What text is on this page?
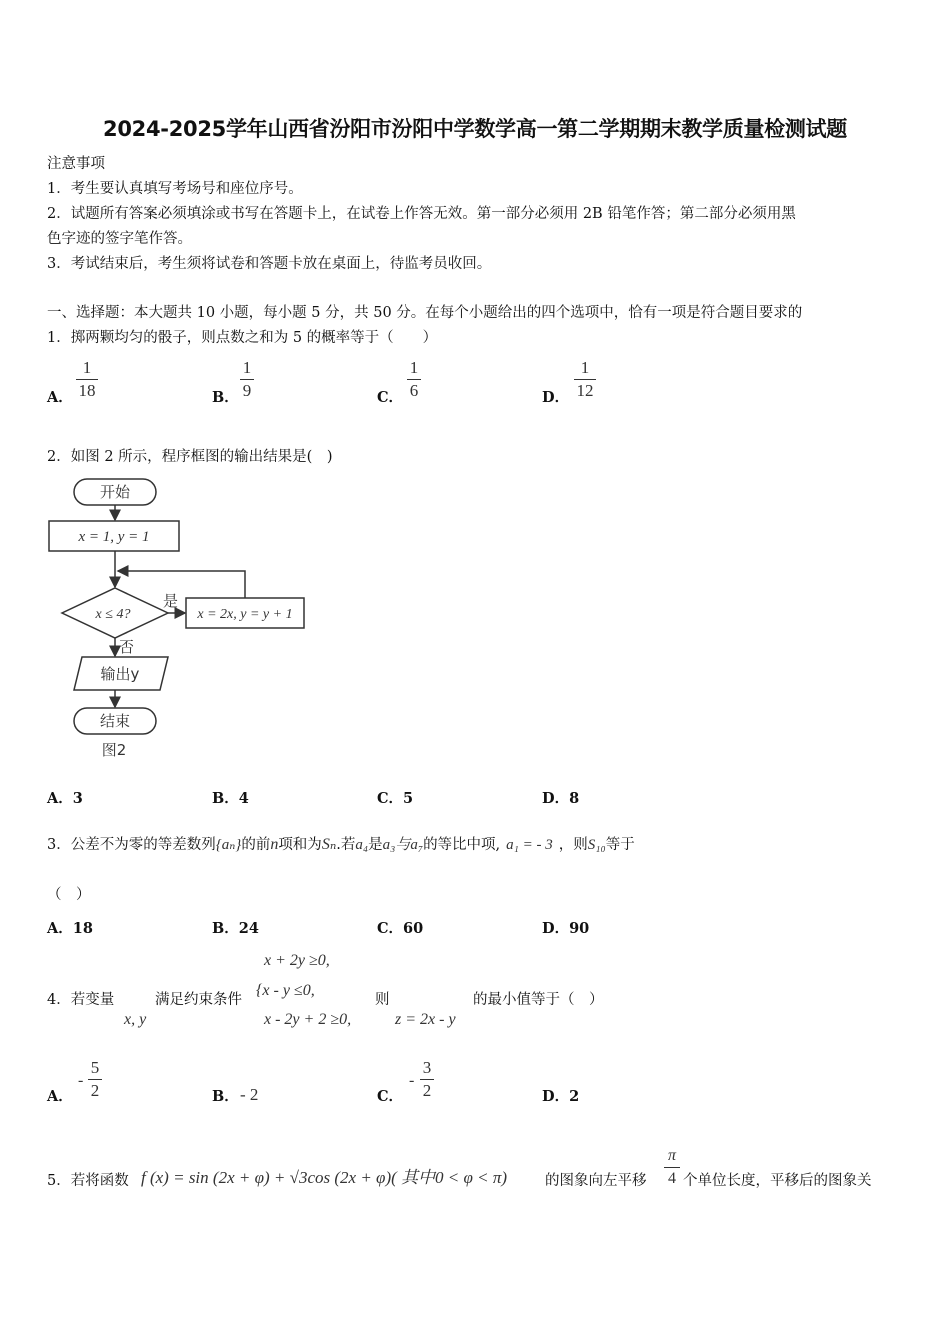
2024-2025学年山西省汾阳市汾阳中学数学高一第二学期期末教学质量检测试题
注意事项
1．考生要认真填写考场号和座位序号。
2．试题所有答案必须填涂或书写在答题卡上，在试卷上作答无效。第一部分必须用 2B 铅笔作答；第二部分必须用黑
色字迹的签字笔作答。
3．考试结束后，考生须将试卷和答题卡放在桌面上，待监考员收回。
一、选择题：本大题共 10 小题，每小题 5 分，共 50 分。在每个小题给出的四个选项中，恰有一项是符合题目要求的
1．掷两颗均匀的骰子，则点数之和为 5 的概率等于（　　）
A．
1
18	B．
1
9	C．
1
6	D．
1
12
2．如图 2 所示，程序框图的输出结果是(　)
开始
x = 1, y = 1
x ≤ 4?
是
x = 2x, y = y + 1
否
输出y
结束
图2
A．3	B．4	C．5	D．8
3．公差不为零的等差数列{aₙ}的前n项和为Sₙ.若a₄是a₃与a₇的等比中项, a₁ = - 3 ，则S₁₀等于
（　）
A．18	B．24	C．60	D．90
4．若变量
x, y
满足约束条件
x + 2y ≥0,
{x - y ≤0,
x - 2y + 2 ≥0,
则
z = 2x - y
的最小值等于（　）
A．
-
5
2	B． - 2	C．
-
3
2	D．2
5．若将函数 f (x) = sin (2x + φ) + √3cos (2x + φ)( 其中0 < φ < π)	的图象向左平移
π
4 个单位长度，平移后的图象关
